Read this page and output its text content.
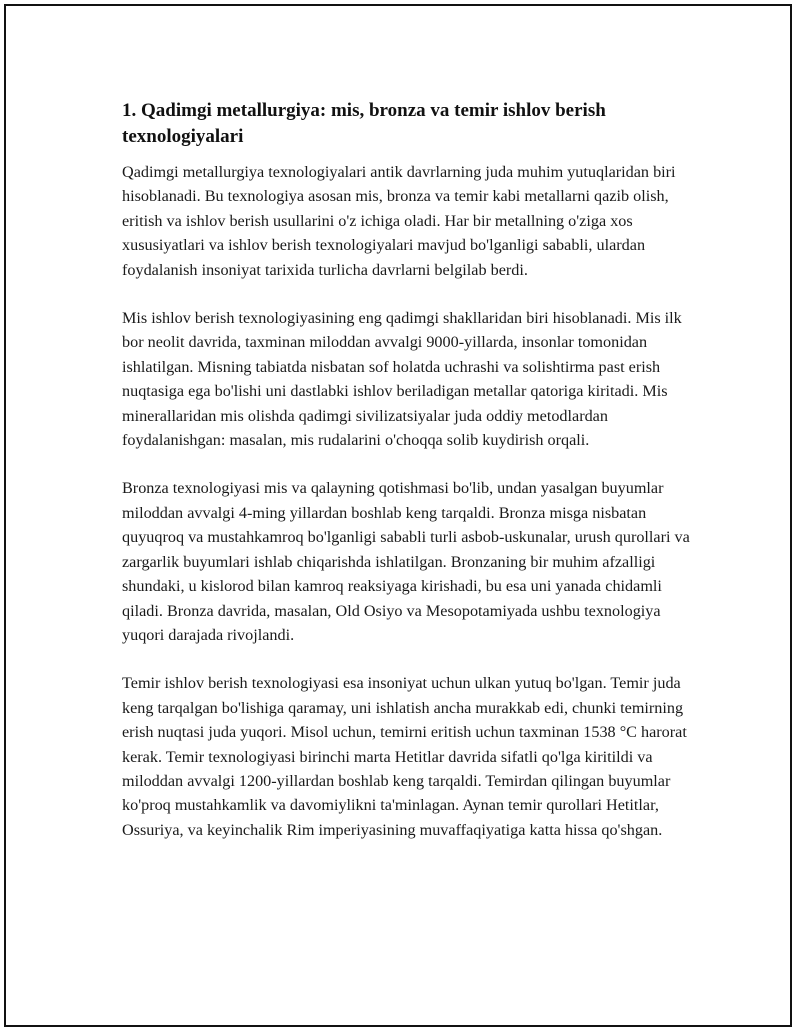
1. Qadimgi metallurgiya: mis, bronza va temir ishlov berish texnologiyalari

Qadimgi metallurgiya texnologiyalari antik davrlarning juda muhim yutuqlaridan biri hisoblanadi. Bu texnologiya asosan mis, bronza va temir kabi metallarni qazib olish, eritish va ishlov berish usullarini o'z ichiga oladi. Har bir metallning o'ziga xos xususiyatlari va ishlov berish texnologiyalari mavjud bo'lganligi sababli, ulardan foydalanish insoniyat tarixida turlicha davrlarni belgilab berdi.

Mis ishlov berish texnologiyasining eng qadimgi shakllaridan biri hisoblanadi. Mis ilk bor neolit davrida, taxminan miloddan avvalgi 9000-yillarda, insonlar tomonidan ishlatilgan. Misning tabiatda nisbatan sof holatda uchrashi va solishtirma past erish nuqtasiga ega bo'lishi uni dastlabki ishlov beriladigan metallar qatoriga kiritadi. Mis minerallaridan mis olishda qadimgi sivilizatsiyalar juda oddiy metodlardan foydalanishgan: masalan, mis rudalarini o'choqqa solib kuydirish orqali.

Bronza texnologiyasi mis va qalayning qotishmasi bo'lib, undan yasalgan buyumlar miloddan avvalgi 4-ming yillardan boshlab keng tarqaldi. Bronza misga nisbatan quyuqroq va mustahkamroq bo'lganligi sababli turli asbob-uskunalar, urush qurollari va zargarlik buyumlari ishlab chiqarishda ishlatilgan. Bronzaning bir muhim afzalligi shundaki, u kislorod bilan kamroq reaksiyaga kirishadi, bu esa uni yanada chidamli qiladi. Bronza davrida, masalan, Old Osiyo va Mesopotamiyada ushbu texnologiya yuqori darajada rivojlandi.

Temir ishlov berish texnologiyasi esa insoniyat uchun ulkan yutuq bo'lgan. Temir juda keng tarqalgan bo'lishiga qaramay, uni ishlatish ancha murakkab edi, chunki temirning erish nuqtasi juda yuqori. Misol uchun, temirni eritish uchun taxminan 1538 °C harorat kerak. Temir texnologiyasi birinchi marta Hetitlar davrida sifatli qo'lga kiritildi va miloddan avvalgi 1200-yillardan boshlab keng tarqaldi. Temirdan qilingan buyumlar ko'proq mustahkamlik va davomiylikni ta'minlagan. Aynan temir qurollari Hetitlar, Ossuriya, va keyinchalik Rim imperiyasining muvaffaqiyatiga katta hissa qo'shgan.
